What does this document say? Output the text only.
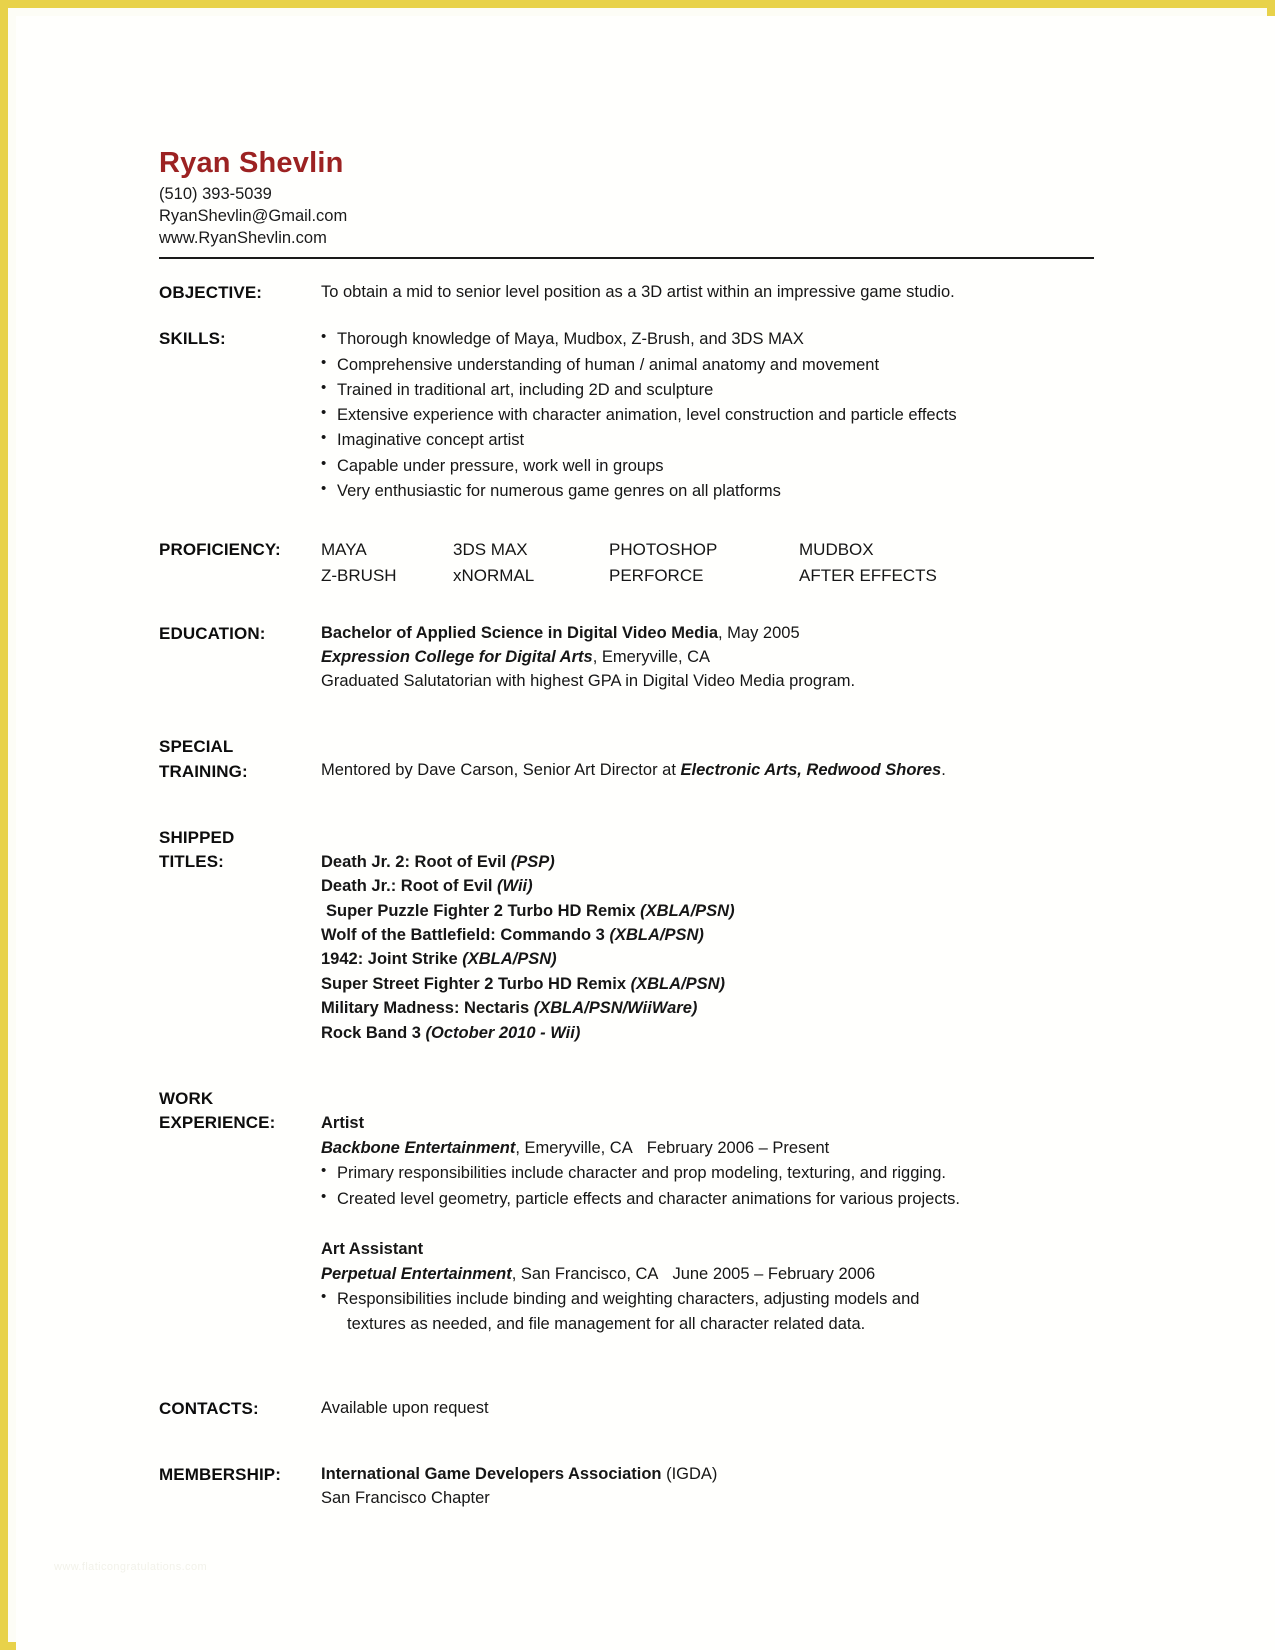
Ryan Shevlin
(510) 393-5039
RyanShevlin@Gmail.com
www.RyanShevlin.com
OBJECTIVE:	To obtain a mid to senior level position as a 3D artist within an impressive game studio.
SKILLS:	• Thorough knowledge of Maya, Mudbox, Z-Brush, and 3DS MAX
• Comprehensive understanding of human / animal anatomy and movement
• Trained in traditional art, including 2D and sculpture
• Extensive experience with character animation, level construction and particle effects
• Imaginative concept artist
• Capable under pressure, work well in groups
• Very enthusiastic for numerous game genres on all platforms
PROFICIENCY:	MAYA	3DS MAX	PHOTOSHOP	MUDBOX
Z-BRUSH	xNORMAL	PERFORCE	AFTER EFFECTS
EDUCATION:	Bachelor of Applied Science in Digital Video Media, May 2005
Expression College for Digital Arts, Emeryville, CA
Graduated Salutatorian with highest GPA in Digital Video Media program.
SPECIAL
TRAINING:	Mentored by Dave Carson, Senior Art Director at Electronic Arts, Redwood Shores.
SHIPPED
TITLES:	Death Jr. 2: Root of Evil (PSP)
Death Jr.: Root of Evil (Wii)
Super Puzzle Fighter 2 Turbo HD Remix (XBLA/PSN)
Wolf of the Battlefield: Commando 3 (XBLA/PSN)
1942: Joint Strike (XBLA/PSN)
Super Street Fighter 2 Turbo HD Remix (XBLA/PSN)
Military Madness: Nectaris (XBLA/PSN/WiiWare)
Rock Band 3 (October 2010 - Wii)
WORK
EXPERIENCE:	Artist
Backbone Entertainment, Emeryville, CA February 2006 – Present
• Primary responsibilities include character and prop modeling, texturing, and rigging.
• Created level geometry, particle effects and character animations for various projects.
Art Assistant
Perpetual Entertainment, San Francisco, CA June 2005 – February 2006
• Responsibilities include binding and weighting characters, adjusting models and
textures as needed, and file management for all character related data.
CONTACTS:	Available upon request
MEMBERSHIP:	International Game Developers Association (IGDA)
San Francisco Chapter
www.flaticongratulations.com
